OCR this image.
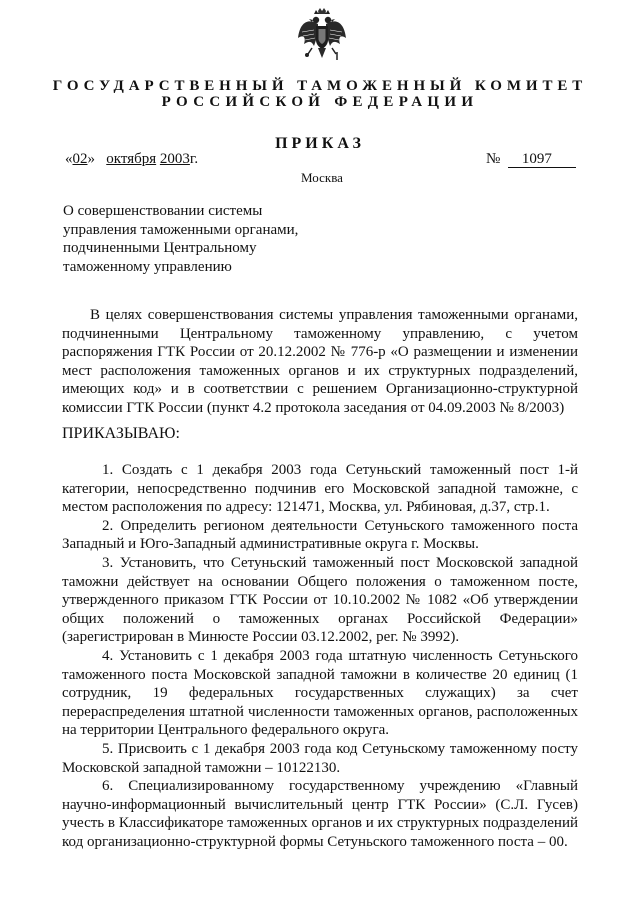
ГОСУДАРСТВЕННЫЙ ТАМОЖЕННЫЙ КОМИТЕТ
РОССИЙСКОЙ ФЕДЕРАЦИИ
ПРИКАЗ
«02» октября 2003г.	№ 1097
Москва
О совершенствовании системы
управления таможенными органами,
подчиненными Центральному
таможенному управлению
В целях совершенствования системы управления таможенными органами, подчиненными Центральному таможенному управлению, с учетом распоряжения ГТК России от 20.12.2002 № 776-р «О размещении и изменении мест расположения таможенных органов и их структурных подразделений, имеющих код» и в соответствии с решением Организационно-структурной комиссии ГТК России (пункт 4.2 протокола заседания от 04.09.2003 № 8/2003)
ПРИКАЗЫВАЮ:

1. Создать с 1 декабря 2003 года Сетуньский таможенный пост 1-й категории, непосредственно подчинив его Московской западной таможне, с местом расположения по адресу: 121471, Москва, ул. Рябиновая, д.37, стр.1.

2. Определить регионом деятельности Сетуньского таможенного поста Западный и Юго-Западный административные округа г. Москвы.

3. Установить, что Сетуньский таможенный пост Московской западной таможни действует на основании Общего положения о таможенном посте, утвержденного приказом ГТК России от 10.10.2002 № 1082 «Об утверждении общих положений о таможенных органах Российской Федерации» (зарегистрирован в Минюсте России 03.12.2002, рег. № 3992).

4. Установить с 1 декабря 2003 года штатную численность Сетуньского таможенного поста Московской западной таможни в количестве 20 единиц (1 сотрудник, 19 федеральных государственных служащих) за счет перераспределения штатной численности таможенных органов, расположенных на территории Центрального федерального округа.

5. Присвоить с 1 декабря 2003 года код Сетуньскому таможенному посту Московской западной таможни – 10122130.

6. Специализированному государственному учреждению «Главный научно-информационный вычислительный центр ГТК России» (С.Л. Гусев) учесть в Классификаторе таможенных органов и их структурных подразделений код организационно-структурной формы Сетуньского таможенного поста – 00.
